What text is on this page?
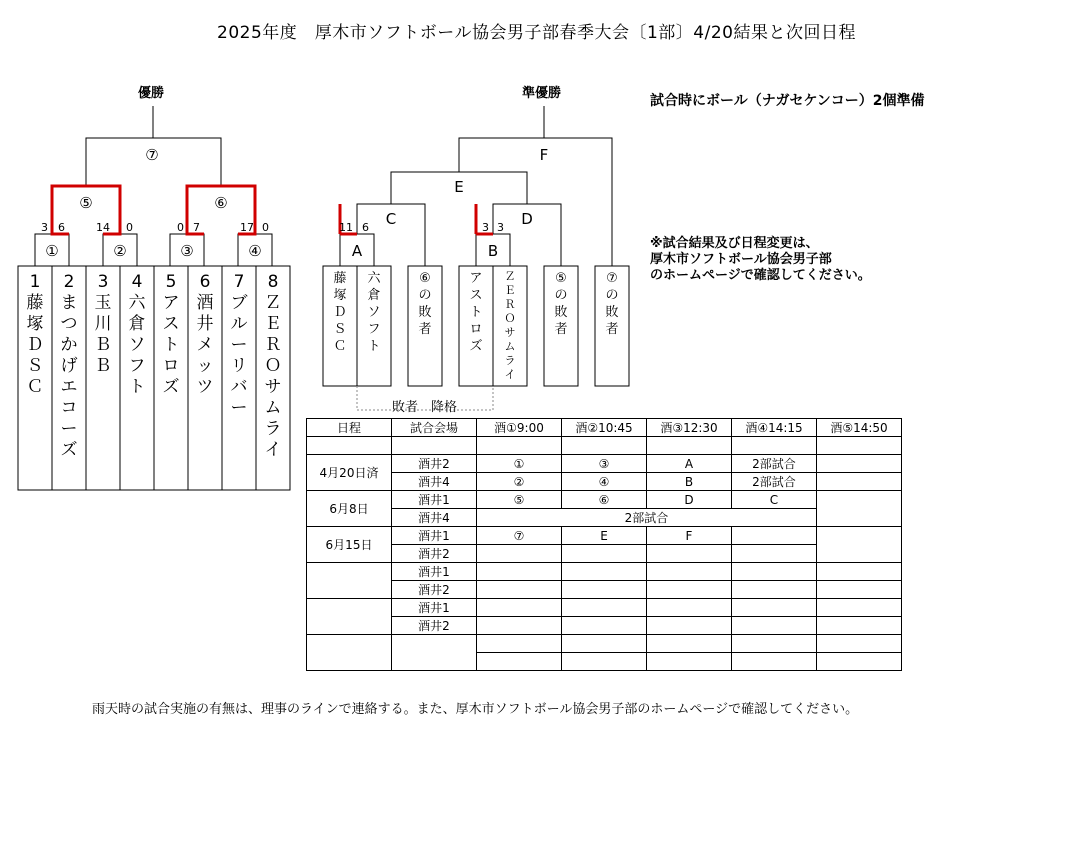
2025年度　厚木市ソフトボール協会男子部春季大会〔1部〕4/20結果と次回日程
優勝	準優勝	試合時にボール（ナガセケンコー）2個準備
※試合結果及び日程変更は、
厚木市ソフトボール協会男子部
のホームページで確認してください。
⑦
⑤	⑥
①	②	③	④
3 6	14 0	0 7	17 0
1
藤
塚
Ｄ
Ｓ
Ｃ
2
ま
つ
か
げ
エ
コ
ー
ズ
3
玉
川
Ｂ
Ｂ
4
六
倉
ソ
フ
ト
5
ア
ス
ト
ロ
ズ
6
酒
井
メ
ッ
ツ
7
ブ
ル
ー
リ
バ
ー
8
Ｚ
Ｅ
Ｒ
Ｏ
サ
ム
ラ
イ
F
E
C	D
A	B
11 6	3 3
藤
塚
Ｄ
Ｓ
Ｃ
六
倉
ソ
フ
ト
⑥
の
敗
者
ア
ス
ト
ロ
ズ
Ｚ
Ｅ
Ｒ
Ｏ
サ
ム
ラ
イ
⑤
の
敗
者
⑦
の
敗
者
敗者　降格
日程	試合会場	酒①9:00	酒②10:45	酒③12:30	酒④14:15	酒⑤14:50

4月20日済	酒井2	①	③	A	2部試合	
	酒井4	②	④	B	2部試合	
6月8日	酒井1	⑤	⑥	D	C	
	酒井4	2部試合				
6月15日	酒井1	⑦	E	F		
	酒井2					
	酒井1					
	酒井2					
	酒井1					
	酒井2					

雨天時の試合実施の有無は、理事のラインで連絡する。また、厚木市ソフトボール協会男子部のホームページで確認してください。
